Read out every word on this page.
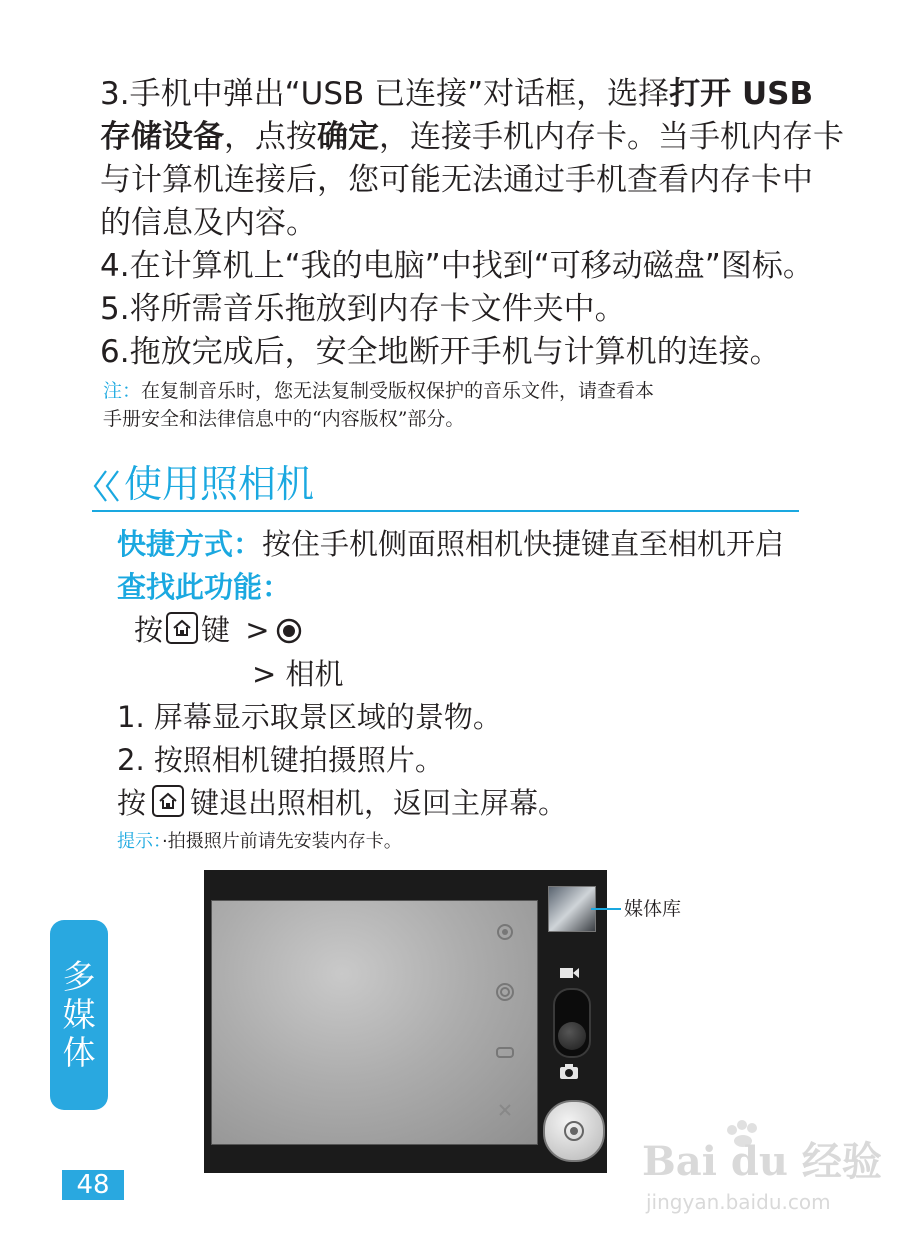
3.手机中弹出“USB 已连接”对话框，选择打开 USB
存储设备，点按确定，连接手机内存卡。当手机内存卡
与计算机连接后，您可能无法通过手机查看内存卡中
的信息及内容。
4.在计算机上“我的电脑”中找到“可移动磁盘”图标。
5.将所需音乐拖放到内存卡文件夹中。
6.拖放完成后，安全地断开手机与计算机的连接。
注：在复制音乐时，您无法复制受版权保护的音乐文件，请查看本
手册安全和法律信息中的“内容版权”部分。
使用照相机
快捷方式：按住手机侧面照相机快捷键直至相机开启
查找此功能：
按 键 >
> 相机
1. 屏幕显示取景区域的景物。
2. 按照相机键拍摄照片。
按 键退出照相机，返回主屏幕。
提示：·拍摄照片前请先安装内存卡。
媒体库
多
媒
体
48	Bai du 经验
jingyan.baidu.com
